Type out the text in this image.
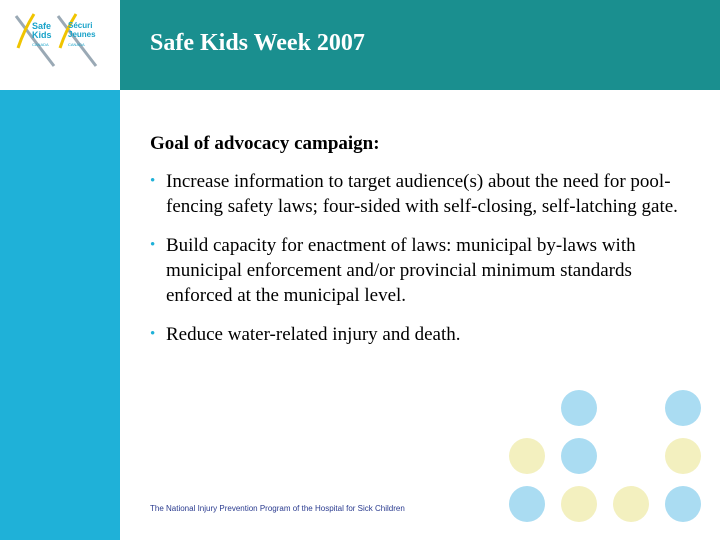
Safe
Kids
CANADA
Sécuri
Jeunes
CANADA	Safe Kids Week 2007
Goal of advocacy campaign:
• Increase information to target audience(s) about the need for pool-fencing safety laws; four-sided with self-closing, self-latching gate.
• Build capacity for enactment of laws: municipal by-laws with municipal enforcement and/or provincial minimum standards enforced at the municipal level.
• Reduce water-related injury and death.
The National Injury Prevention Program of the Hospital for Sick Children
